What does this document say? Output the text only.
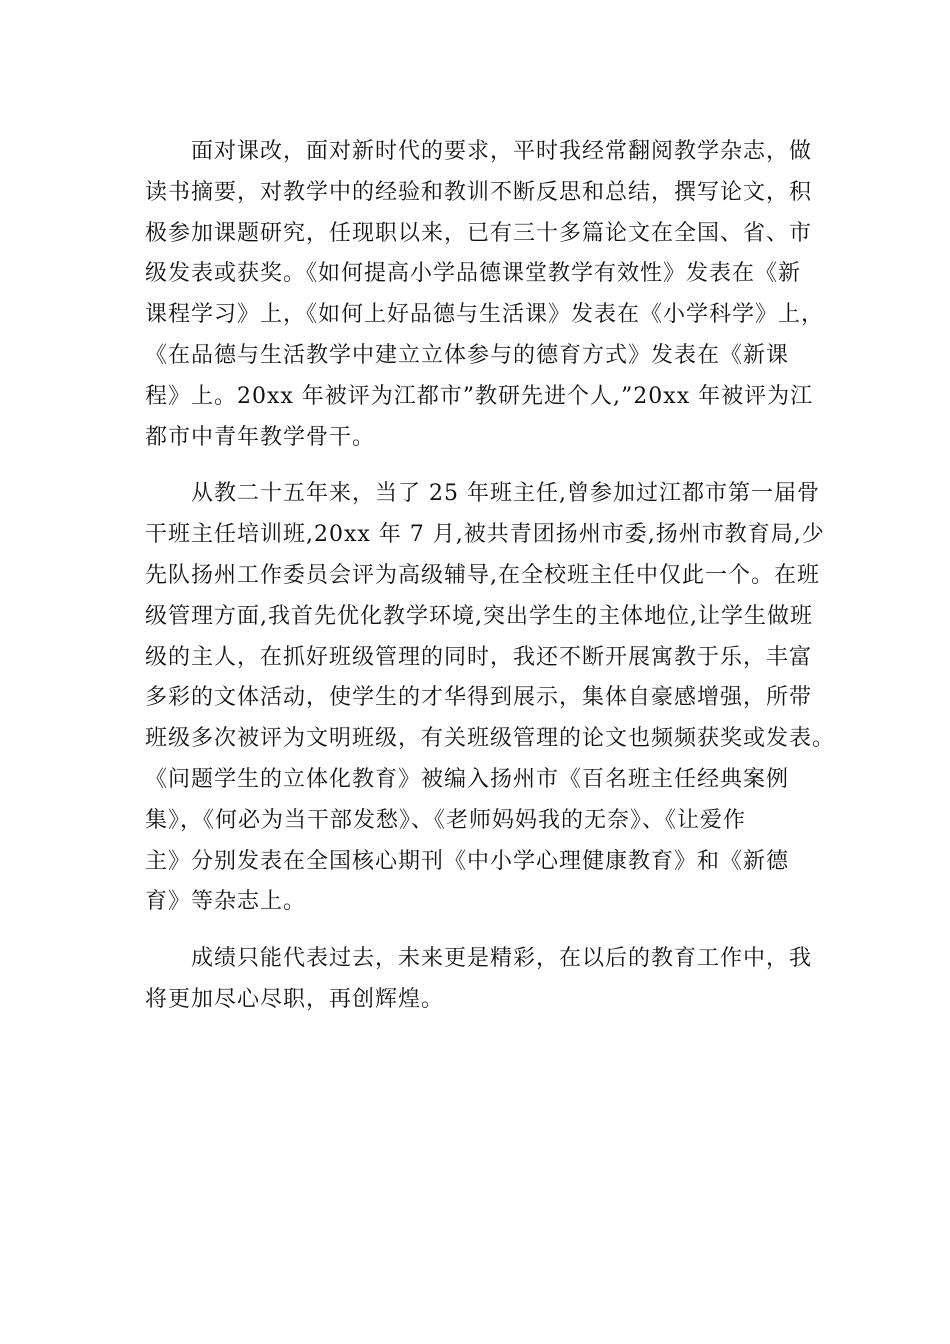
　　面对课改，面对新时代的要求，平时我经常翻阅教学杂志，做
读书摘要，对教学中的经验和教训不断反思和总结，撰写论文，积
极参加课题研究，任现职以来，已有三十多篇论文在全国、省、市
级发表或获奖。《如何提高小学品德课堂教学有效性》发表在《新
课程学习》上，《如何上好品德与生活课》发表在《小学科学》上，
《在品德与生活教学中建立立体参与的德育方式》发表在《新课
程》上。20xx 年被评为江都市”教研先进个人,”20xx 年被评为江
都市中青年教学骨干。

　　从教二十五年来，当了 25 年班主任,曾参加过江都市第一届骨
干班主任培训班,20xx 年 7 月,被共青团扬州市委,扬州市教育局,少
先队扬州工作委员会评为高级辅导,在全校班主任中仅此一个。在班
级管理方面,我首先优化教学环境,突出学生的主体地位,让学生做班
级的主人，在抓好班级管理的同时，我还不断开展寓教于乐，丰富
多彩的文体活动，使学生的才华得到展示，集体自豪感增强，所带
班级多次被评为文明班级，有关班级管理的论文也频频获奖或发表。
《问题学生的立体化教育》被编入扬州市《百名班主任经典案例
集》，《何必为当干部发愁》、《老师妈妈我的无奈》、《让爱作
主》分别发表在全国核心期刊《中小学心理健康教育》和《新德
育》等杂志上。

　　成绩只能代表过去，未来更是精彩，在以后的教育工作中，我
将更加尽心尽职，再创辉煌。
